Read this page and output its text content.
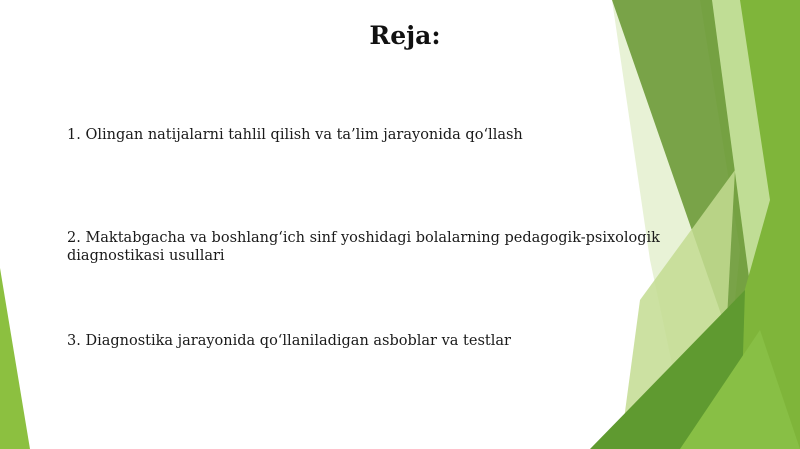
Reja:
1. Olingan natijalarni tahlil qilish va ta’lim jarayonida qo‘llash
2. Maktabgacha va boshlang‘ich sinf yoshidagi bolalarning pedagogik-psixologik diagnostikasi usullari
3. Diagnostika jarayonida qo‘llaniladigan asboblar va testlar
